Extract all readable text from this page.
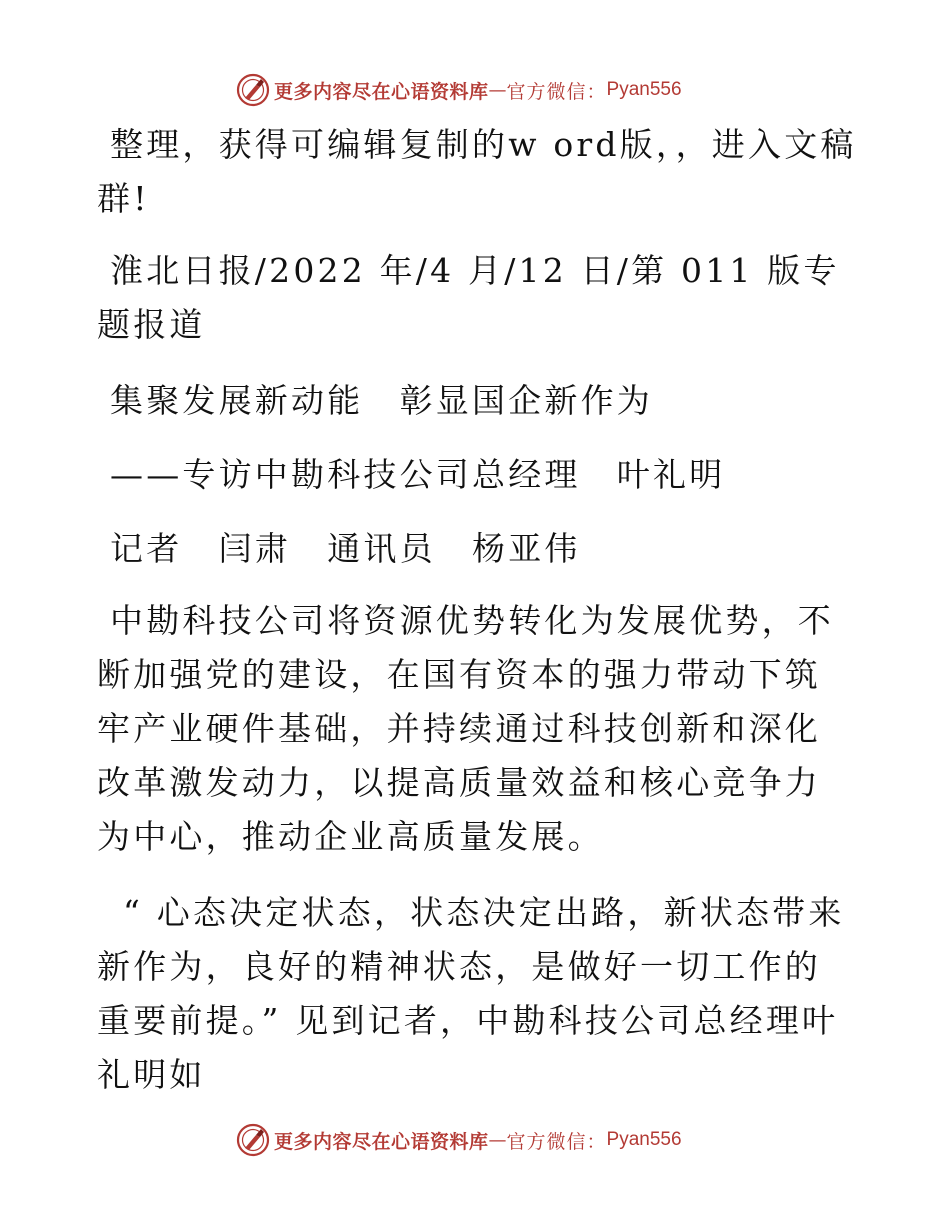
更多内容尽在心语资料库 — 官方微信： Pyan556

整理，获得可编辑复制的w ord版，，进入文稿群!

淮北日报/2022 年/4 月/12 日/第 011 版专题报道

集聚发展新动能　彰显国企新作为

——专访中勘科技公司总经理　叶礼明

记者　闫肃　通讯员　杨亚伟

中勘科技公司将资源优势转化为发展优势，不断加强党的建设，在国有资本的强力带动下筑牢产业硬件基础，并持续通过科技创新和深化改革激发动力，以提高质量效益和核心竞争力为中心，推动企业高质量发展。

“ 心态决定状态，状态决定出路，新状态带来新作为，良好的精神状态，是做好一切工作的重要前提。” 见到记者，中勘科技公司总经理叶礼明如

更多内容尽在心语资料库 — 官方微信： Pyan556
